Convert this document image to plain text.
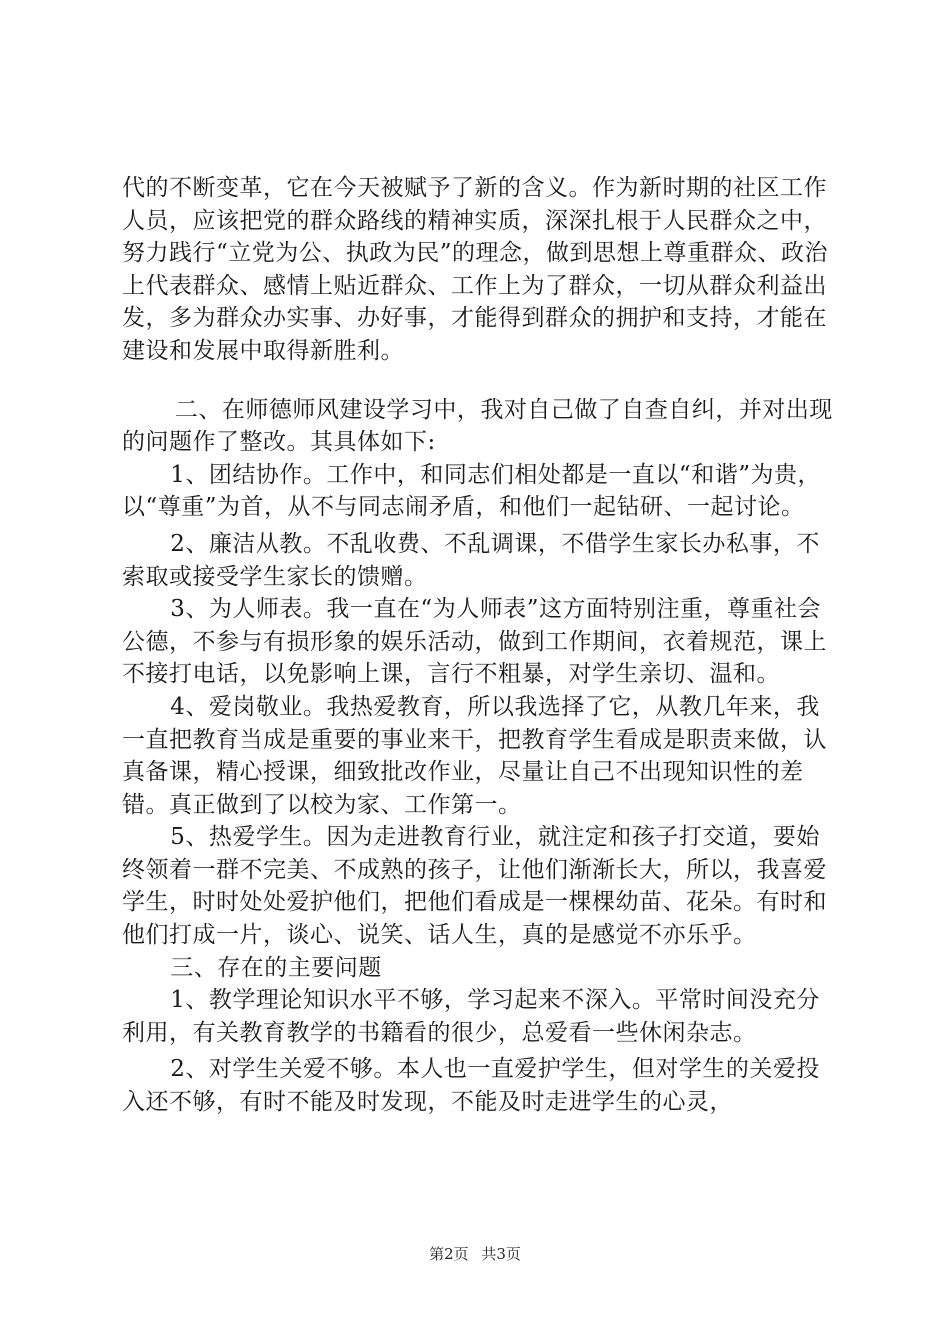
代的不断变革，它在今天被赋予了新的含义。作为新时期的社区工作人员，应该把党的群众路线的精神实质，深深扎根于人民群众之中，努力践行“立党为公、执政为民”的理念，做到思想上尊重群众、政治上代表群众、感情上贴近群众、工作上为了群众，一切从群众利益出发，多为群众办实事、办好事，才能得到群众的拥护和支持，才能在建设和发展中取得新胜利。

二、在师德师风建设学习中，我对自己做了自查自纠，并对出现的问题作了整改。其具体如下:

1、团结协作。工作中，和同志们相处都是一直以“和谐”为贵，以“尊重”为首，从不与同志闹矛盾，和他们一起钻研、一起讨论。

2、廉洁从教。不乱收费、不乱调课，不借学生家长办私事，不索取或接受学生家长的馈赠。

3、为人师表。我一直在“为人师表”这方面特别注重，尊重社会公德，不参与有损形象的娱乐活动，做到工作期间，衣着规范，课上不接打电话，以免影响上课，言行不粗暴，对学生亲切、温和。

4、爱岗敬业。我热爱教育，所以我选择了它，从教几年来，我一直把教育当成是重要的事业来干，把教育学生看成是职责来做，认真备课，精心授课，细致批改作业，尽量让自己不出现知识性的差错。真正做到了以校为家、工作第一。

5、热爱学生。因为走进教育行业，就注定和孩子打交道，要始终领着一群不完美、不成熟的孩子，让他们渐渐长大，所以，我喜爱学生，时时处处爱护他们，把他们看成是一棵棵幼苗、花朵。有时和他们打成一片，谈心、说笑、话人生，真的是感觉不亦乐乎。

三、存在的主要问题

1、教学理论知识水平不够，学习起来不深入。平常时间没充分利用，有关教育教学的书籍看的很少，总爱看一些休闲杂志。

2、对学生关爱不够。本人也一直爱护学生，但对学生的关爱投入还不够，有时不能及时发现，不能及时走进学生的心灵，

第2页 共3页
